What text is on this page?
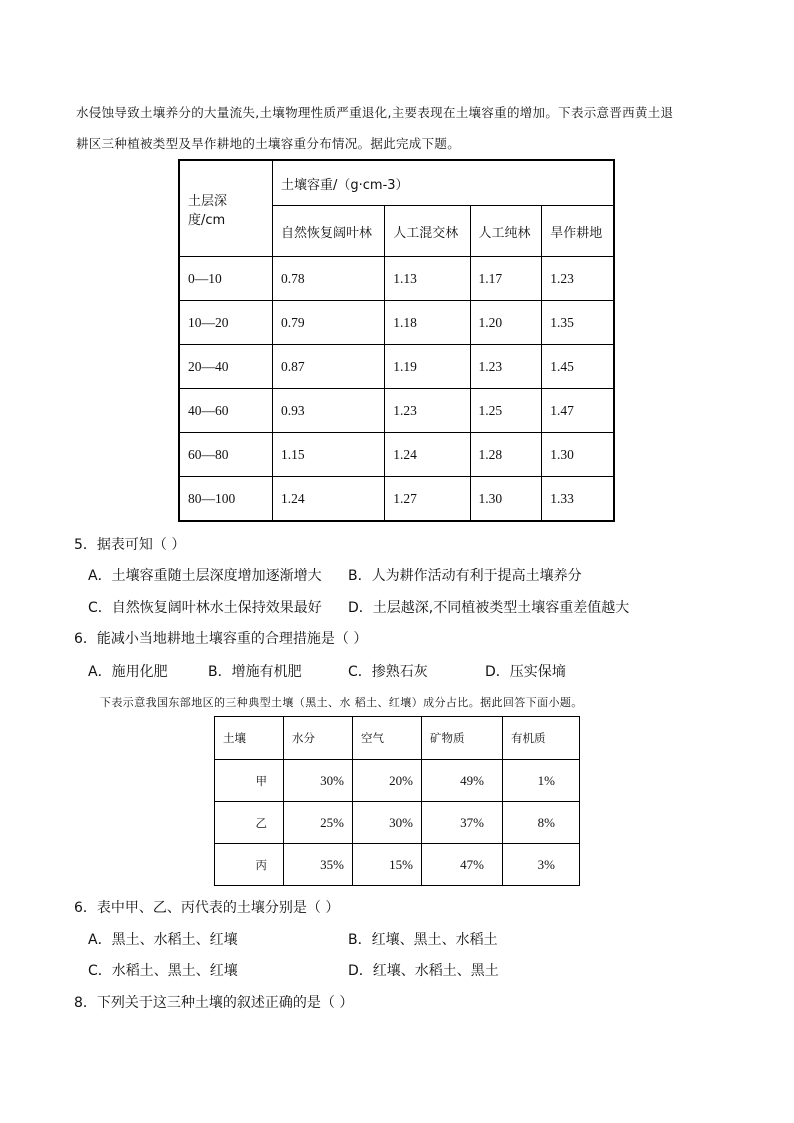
水侵蚀导致土壤养分的大量流失,土壤物理性质严重退化,主要表现在土壤容重的增加。下表示意晋西黄土退
耕区三种植被类型及旱作耕地的土壤容重分布情况。据此完成下题。
土层深度/cm	土壤容重/（g·cm-3）			
	自然恢复阔叶林	人工混交林	人工纯林	旱作耕地
0—10	0.78	1.13	1.17	1.23
10—20	0.79	1.18	1.20	1.35
20—40	0.87	1.19	1.23	1.45
40—60	0.93	1.23	1.25	1.47
60—80	1.15	1.24	1.28	1.30
80—100	1.24	1.27	1.30	1.33
5．据表可知（ ）
A．土壤容重随土层深度增加逐渐增大 B．人为耕作活动有利于提高土壤养分
C．自然恢复阔叶林水土保持效果最好 D．土层越深,不同植被类型土壤容重差值越大
6．能减小当地耕地土壤容重的合理措施是（ ）
A．施用化肥	B．增施有机肥	C．掺熟石灰	D．压实保墒
下表示意我国东部地区的三种典型土壤（黑土、水 稻土、红壤）成分占比。据此回答下面小题。
土壤	水分	空气	矿物质	有机质
甲	30%	20%	49%	1%
乙	25%	30%	37%	8%
丙	35%	15%	47%	3%
6．表中甲、乙、丙代表的土壤分别是（ ）
A．黑土、水稻土、红壤	B．红壤、黑土、水稻土
C．水稻土、黑土、红壤	D．红壤、水稻土、黑土
8．下列关于这三种土壤的叙述正确的是（ ）
